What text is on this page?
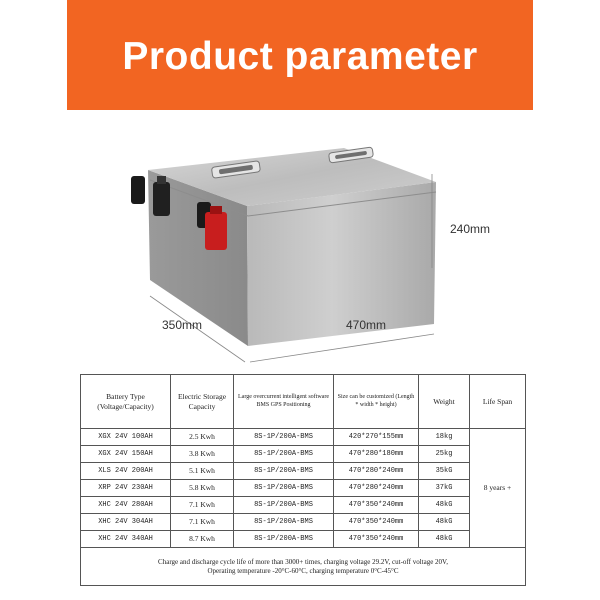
Product parameter
240mm
350mm	470mm
Battery Type
(Voltage/Capacity)	Electric Storage Capacity	Large overcurrent intelligent software BMS GPS Positioning	Size can be customized (Length * width * height)	Weight	Life Span
XGX 24V 100AH	2.5 Kwh	8S-1P/200A-BMS	420*270*155mm	18kg	8 years +
XGX 24V 150AH	3.8 Kwh	8S-1P/200A-BMS	470*280*180mm	25kg	
XLS 24V 200AH	5.1 Kwh	8S-1P/200A-BMS	470*280*240mm	35kG	
XRP 24V 230AH	5.8 Kwh	8S-1P/200A-BMS	470*280*240mm	37kG	
XHC 24V 280AH	7.1 Kwh	8S-1P/200A-BMS	470*350*240mm	48kG	
XHC 24V 304AH	7.1 Kwh	8S-1P/200A-BMS	470*350*240mm	48kG	
XHC 24V 340AH	8.7 Kwh	8S-1P/200A-BMS	470*350*240mm	48kG	
Charge and discharge cycle life of more than 3000+ times, charging voltage 29.2V, cut-off voltage 20V,
Operating temperature -20°C-60°C, charging temperature 0°C-45°C					
